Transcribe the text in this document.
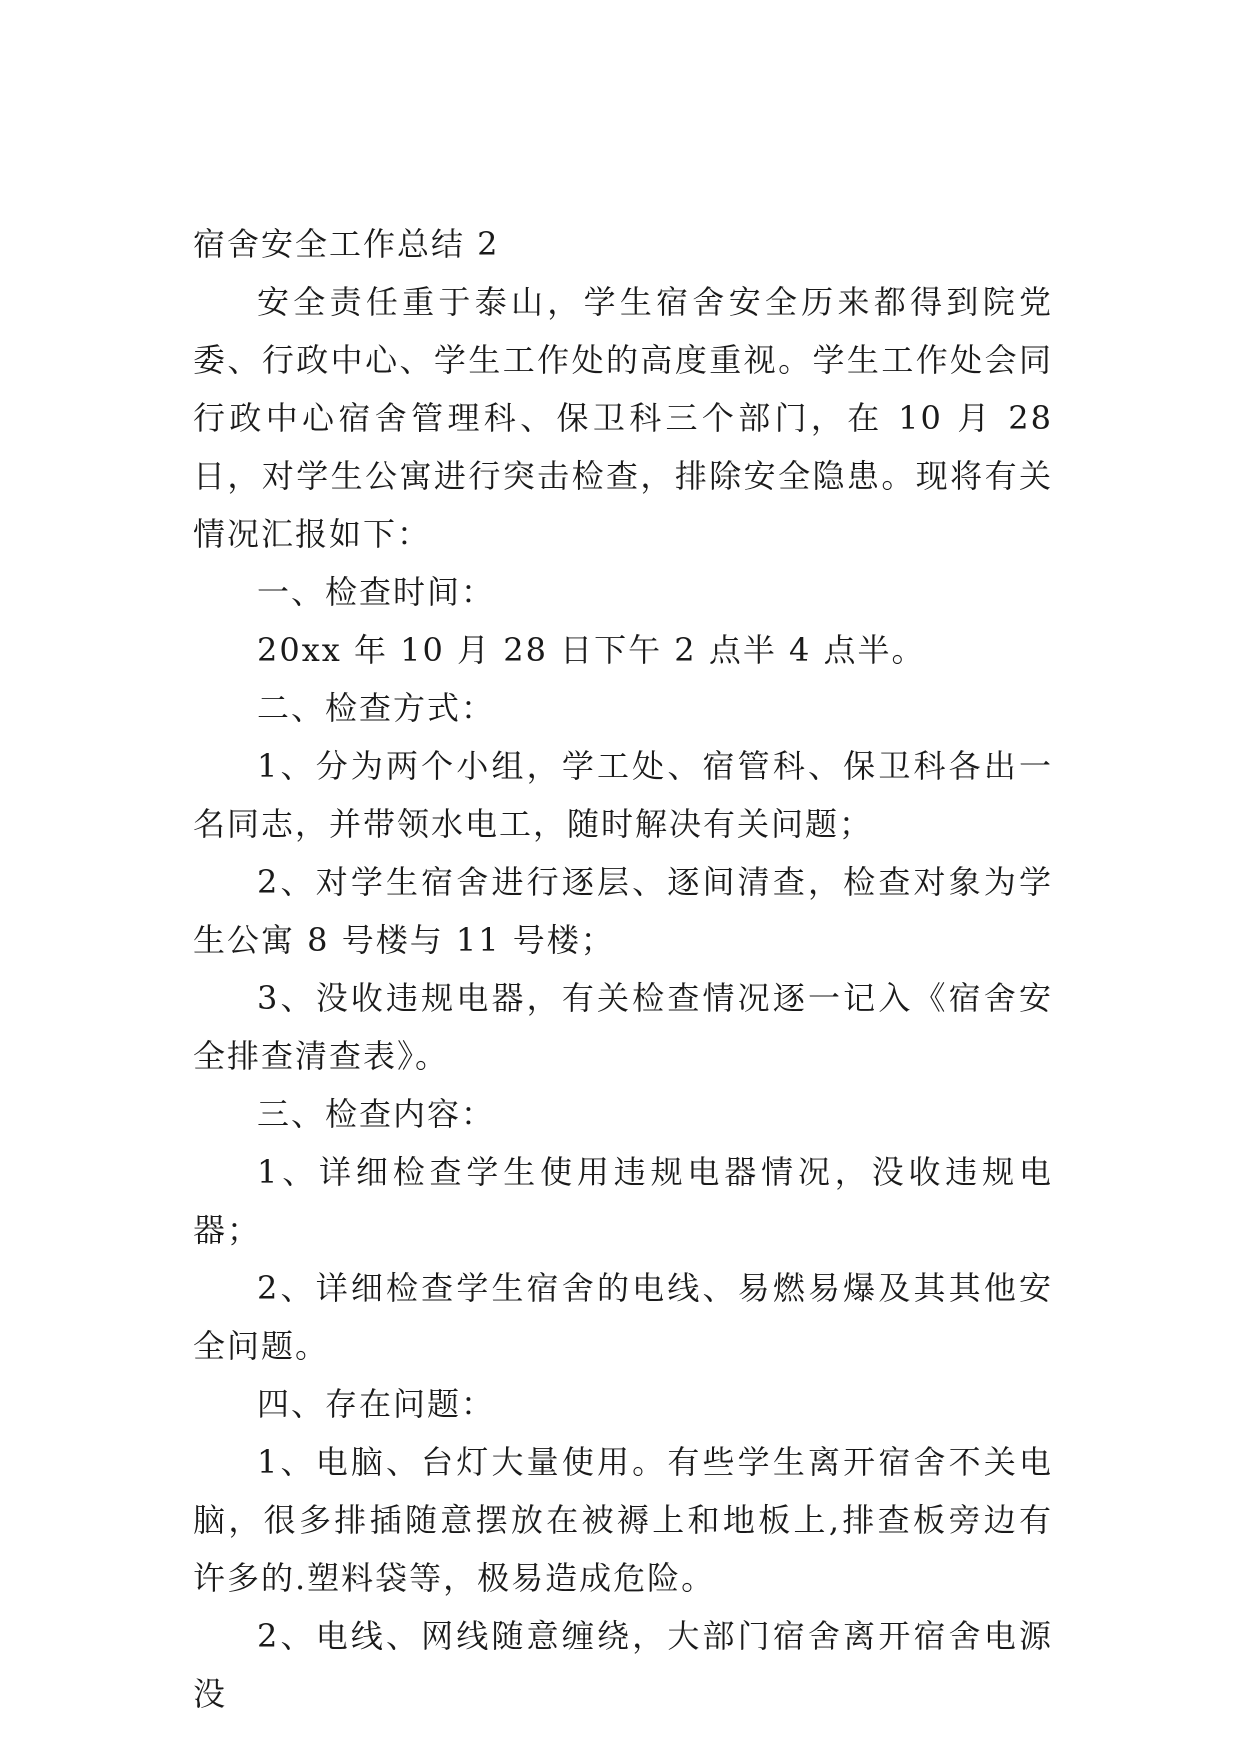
宿舍安全工作总结 2

安全责任重于泰山，学生宿舍安全历来都得到院党委、行政中心、学生工作处的高度重视。学生工作处会同行政中心宿舍管理科、保卫科三个部门，在 10 月 28 日，对学生公寓进行突击检查，排除安全隐患。现将有关情况汇报如下：

一、检查时间：

20xx 年 10 月 28 日下午 2 点半 4 点半。

二、检查方式：

1、分为两个小组，学工处、宿管科、保卫科各出一名同志，并带领水电工，随时解决有关问题；

2、对学生宿舍进行逐层、逐间清查，检查对象为学生公寓 8 号楼与 11 号楼；

3、没收违规电器，有关检查情况逐一记入《宿舍安全排查清查表》。

三、检查内容：

1、详细检查学生使用违规电器情况，没收违规电器；

2、详细检查学生宿舍的电线、易燃易爆及其其他安全问题。

四、存在问题：

1、电脑、台灯大量使用。有些学生离开宿舍不关电脑，很多排插随意摆放在被褥上和地板上,排查板旁边有许多的.塑料袋等，极易造成危险。

2、电线、网线随意缠绕，大部门宿舍离开宿舍电源没
